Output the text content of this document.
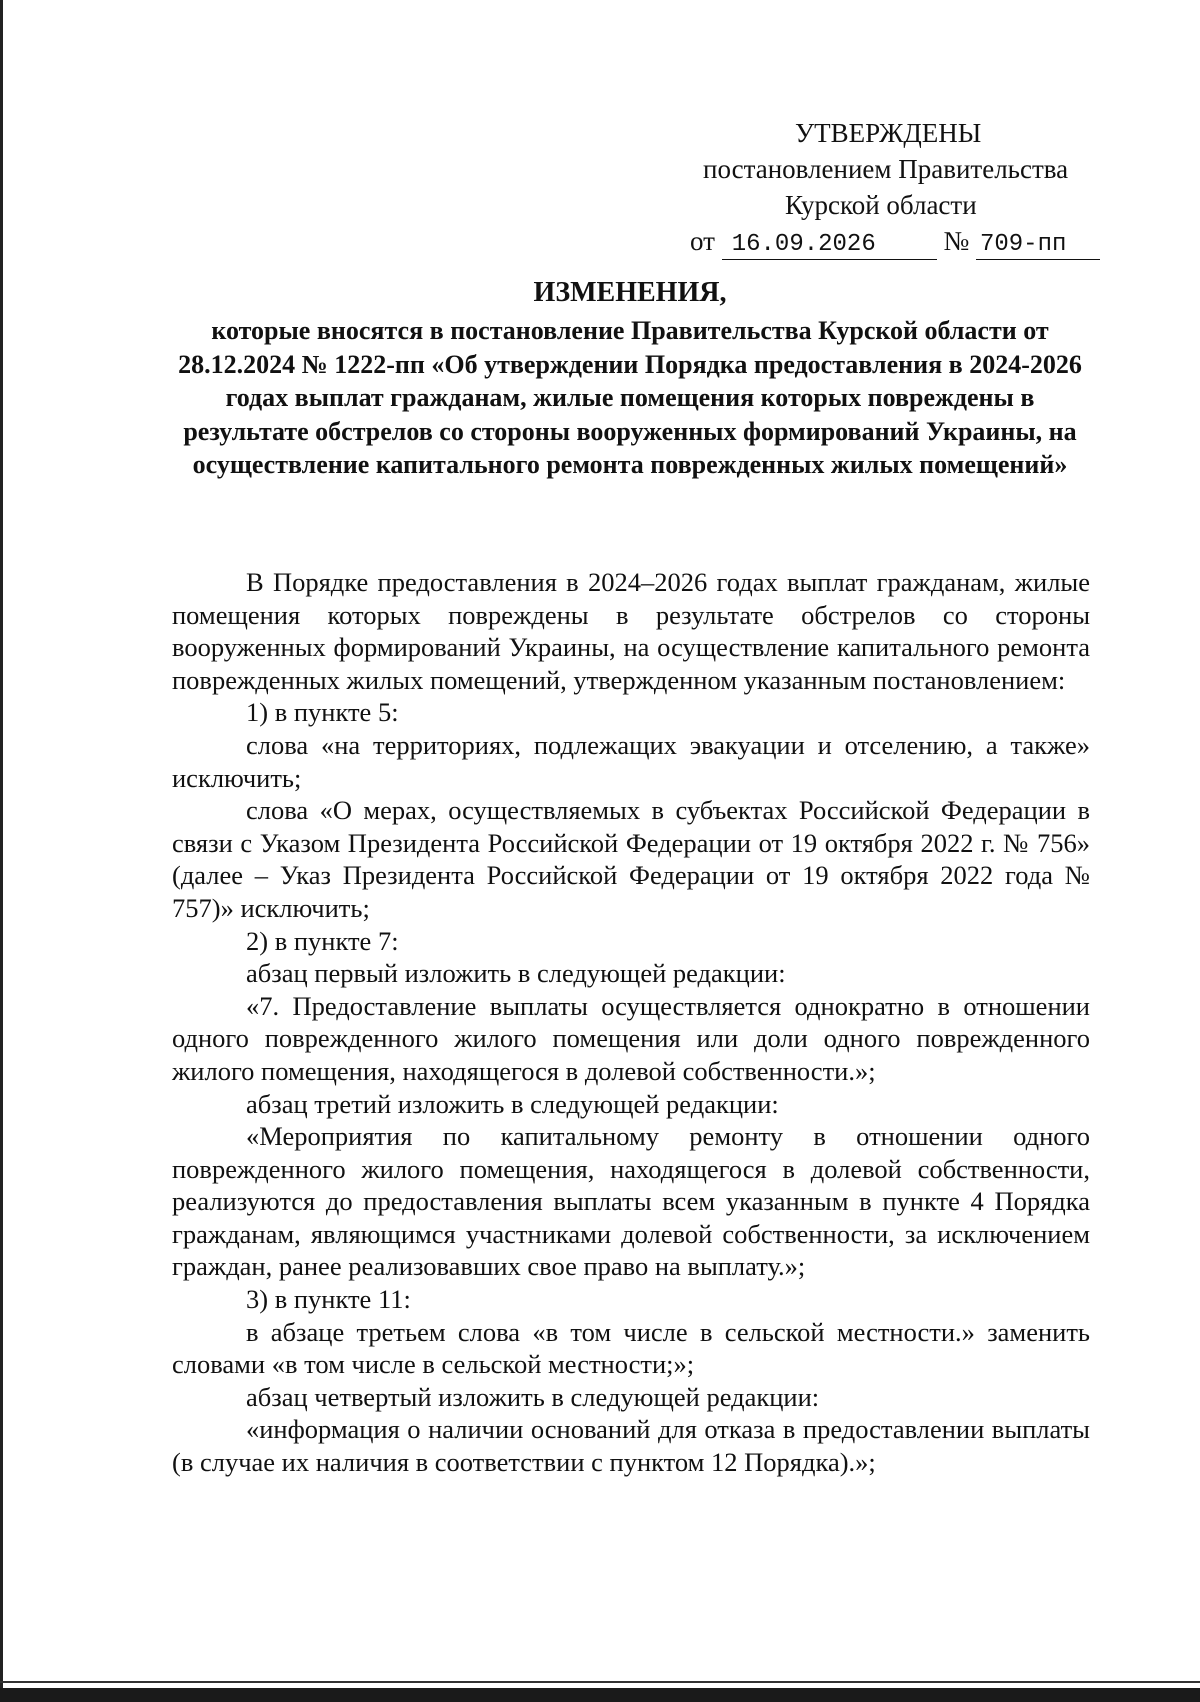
УТВЕРЖДЕНЫ
постановлением Правительства
Курской области
от 16.09.2026	№ 709-пп
ИЗМЕНЕНИЯ,
которые вносятся в постановление Правительства Курской области от 28.12.2024 № 1222-пп «Об утверждении Порядка предоставления в 2024-2026 годах выплат гражданам, жилые помещения которых повреждены в результате обстрелов со стороны вооруженных формирований Украины, на осуществление капитального ремонта поврежденных жилых помещений»

В Порядке предоставления в 2024–2026 годах выплат гражданам, жилые помещения которых повреждены в результате обстрелов со стороны вооруженных формирований Украины, на осуществление капитального ремонта поврежденных жилых помещений, утвержденном указанным постановлением:

1) в пункте 5:

слова «на территориях, подлежащих эвакуации и отселению, а также» исключить;

слова «О мерах, осуществляемых в субъектах Российской Федерации в связи с Указом Президента Российской Федерации от 19 октября 2022 г. № 756» (далее – Указ Президента Российской Федерации от 19 октября 2022 года № 757)» исключить;

2) в пункте 7:

абзац первый изложить в следующей редакции:

«7. Предоставление выплаты осуществляется однократно в отношении одного поврежденного жилого помещения или доли одного поврежденного жилого помещения, находящегося в долевой собственности.»;

абзац третий изложить в следующей редакции:

«Мероприятия по капитальному ремонту в отношении одного поврежденного жилого помещения, находящегося в долевой собственности, реализуются до предоставления выплаты всем указанным в пункте 4 Порядка гражданам, являющимся участниками долевой собственности, за исключением граждан, ранее реализовавших свое право на выплату.»;

3) в пункте 11:

в абзаце третьем слова «в том числе в сельской местности.» заменить словами «в том числе в сельской местности;»;

абзац четвертый изложить в следующей редакции:

«информация о наличии оснований для отказа в предоставлении выплаты (в случае их наличия в соответствии с пунктом 12 Порядка).»;
